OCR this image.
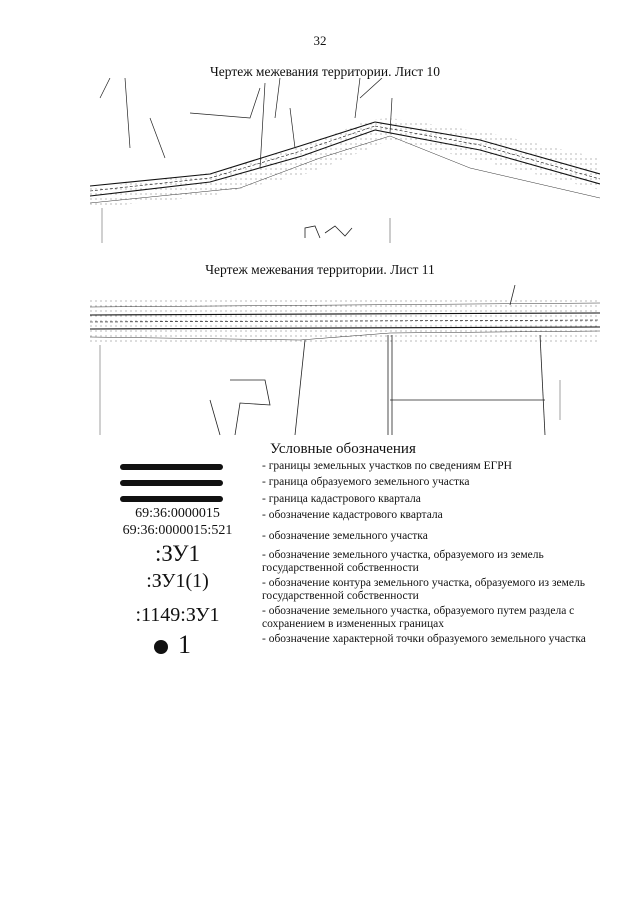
32
Чертеж межевания территории. Лист 10
Чертеж межевания территории. Лист 11
Условные обозначения
- границы земельных участков по сведениям ЕГРН
- граница образуемого земельного участка
- граница кадастрового квартала
- обозначение кадастрового квартала
- обозначение земельного участка
- обозначение земельного участка, образуемого из земель государственной собственности
- обозначение контура земельного участка, образуемого из земель государственной собственности
- обозначение земельного участка, образуемого путем раздела с сохранением в измененных границах
- обозначение характерной точки образуемого земельного участка
69:36:0000015
69:36:0000015:521
:ЗУ1
:ЗУ1(1)
:1149:ЗУ1
1
